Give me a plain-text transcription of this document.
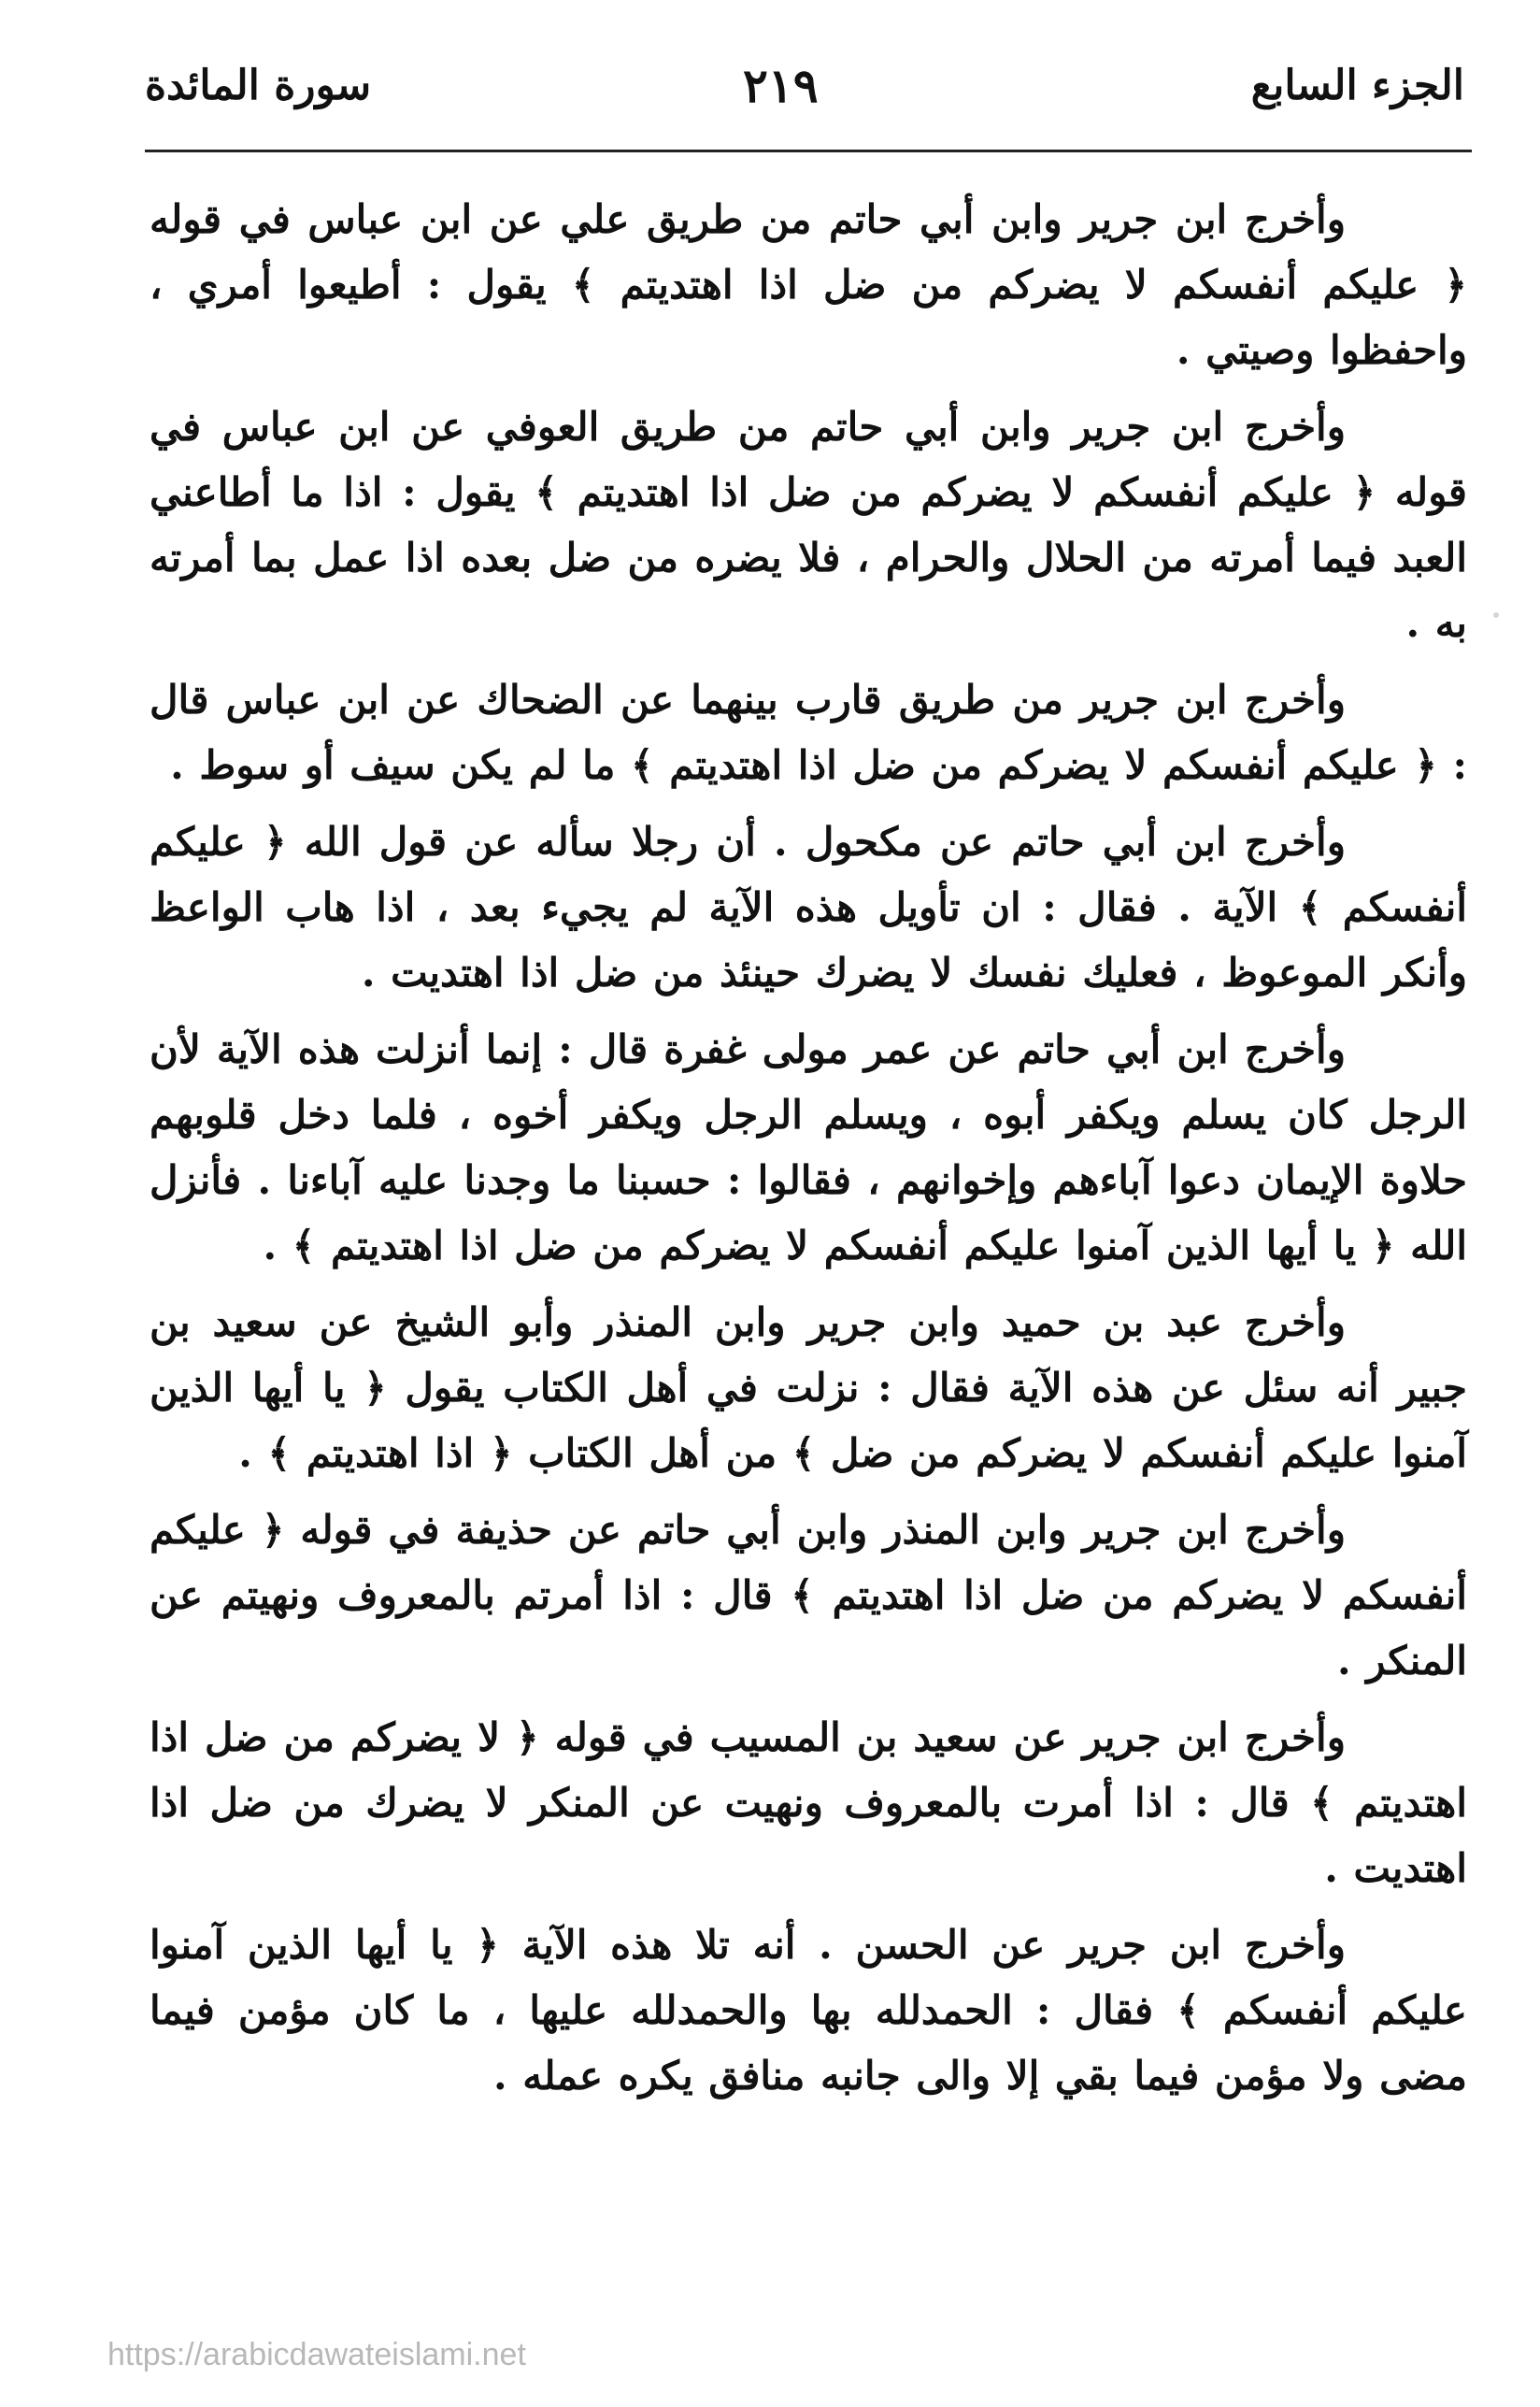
الجزء السابع
٢١٩
سورة المائدة

وأخرج ابن جرير وابن أبي حاتم من طريق علي عن ابن عباس في قوله ﴿ عليكم أنفسكم لا يضركم من ضل اذا اهتديتم ﴾ يقول : أطيعوا أمري ، واحفظوا وصيتي .

وأخرج ابن جرير وابن أبي حاتم من طريق العوفي عن ابن عباس في قوله ﴿ عليكم أنفسكم لا يضركم من ضل اذا اهتديتم ﴾ يقول : اذا ما أطاعني العبد فيما أمرته من الحلال والحرام ، فلا يضره من ضل بعده اذا عمل بما أمرته به .

وأخرج ابن جرير من طريق قارب بينهما عن الضحاك عن ابن عباس قال : ﴿ عليكم أنفسكم لا يضركم من ضل اذا اهتديتم ﴾ ما لم يكن سيف أو سوط .

وأخرج ابن أبي حاتم عن مكحول . أن رجلا سأله عن قول الله ﴿ عليكم أنفسكم ﴾ الآية . فقال : ان تأويل هذه الآية لم يجيء بعد ، اذا هاب الواعظ وأنكر الموعوظ ، فعليك نفسك لا يضرك حينئذ من ضل اذا اهتديت .

وأخرج ابن أبي حاتم عن عمر مولى غفرة قال : إنما أنزلت هذه الآية لأن الرجل كان يسلم ويكفر أبوه ، ويسلم الرجل ويكفر أخوه ، فلما دخل قلوبهم حلاوة الإيمان دعوا آباءهم وإخوانهم ، فقالوا : حسبنا ما وجدنا عليه آباءنا . فأنزل الله ﴿ يا أيها الذين آمنوا عليكم أنفسكم لا يضركم من ضل اذا اهتديتم ﴾ .

وأخرج عبد بن حميد وابن جرير وابن المنذر وأبو الشيخ عن سعيد بن جبير أنه سئل عن هذه الآية فقال : نزلت في أهل الكتاب يقول ﴿ يا أيها الذين آمنوا عليكم أنفسكم لا يضركم من ضل ﴾ من أهل الكتاب ﴿ اذا اهتديتم ﴾ .

وأخرج ابن جرير وابن المنذر وابن أبي حاتم عن حذيفة في قوله ﴿ عليكم أنفسكم لا يضركم من ضل اذا اهتديتم ﴾ قال : اذا أمرتم بالمعروف ونهيتم عن المنكر .

وأخرج ابن جرير عن سعيد بن المسيب في قوله ﴿ لا يضركم من ضل اذا اهتديتم ﴾ قال : اذا أمرت بالمعروف ونهيت عن المنكر لا يضرك من ضل اذا اهتديت .

وأخرج ابن جرير عن الحسن . أنه تلا هذه الآية ﴿ يا أيها الذين آمنوا عليكم أنفسكم ﴾ فقال : الحمدلله بها والحمدلله عليها ، ما كان مؤمن فيما مضى ولا مؤمن فيما بقي إلا والى جانبه منافق يكره عمله .

https://arabicdawateislami.net
